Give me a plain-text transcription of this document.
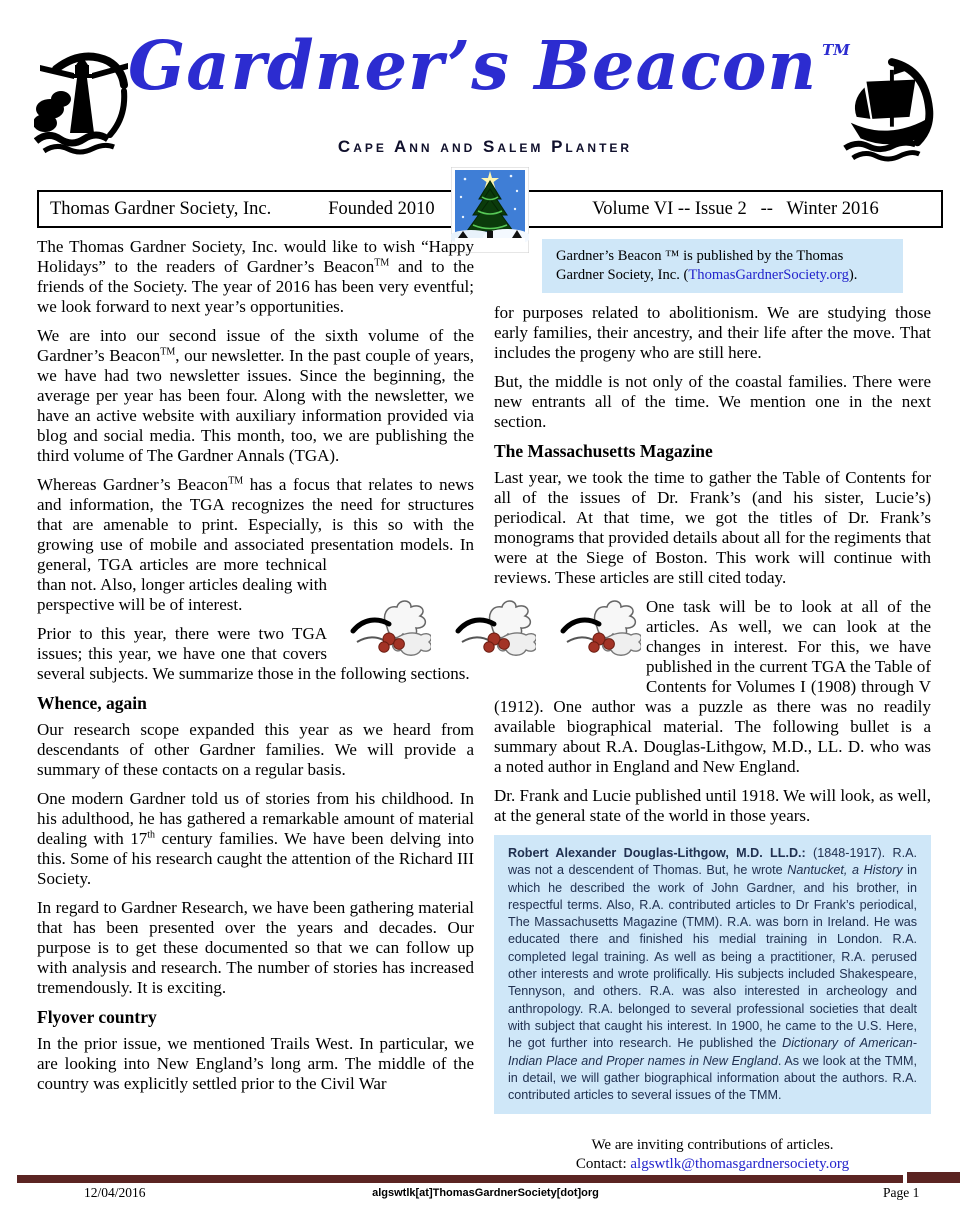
Gardner’s Beacon TM
Cape Ann and Salem Planter
Thomas Gardner Society, Inc.	Founded 2010	Volume VI -- Issue 2   --   Winter 2016

The Thomas Gardner Society, Inc. would like to wish “Happy Holidays” to the readers of Gardner’s Beacon™ and to the friends of the Society. The year of 2016 has been very eventful; we look forward to next year’s opportunities.

We are into our second issue of the sixth volume of the Gardner’s Beacon™, our newsletter. In the past couple of years, we have had two newsletter issues. Since the beginning, the average per year has been four. Along with the newsletter, we have an active website with auxiliary information provided via blog and social media. This month, too, we are publishing the third volume of The Gardner Annals (TGA).

Whereas Gardner’s Beacon™ has a focus that relates to news and information, the TGA recognizes the need for structures that are amenable to print. Especially, is this so with the growing use of mobile and associated presentation
models. In general, TGA articles are more technical than not. Also, longer articles dealing with perspective will be of interest.

Prior to this year, there were two TGA issues; this year, we have one that covers several subjects. We summarize those in the following sections.

Whence, again

Our research scope expanded this year as we heard from descendants of other Gardner families. We will provide a summary of these contacts on a regular basis.

One modern Gardner told us of stories from his childhood. In his adulthood, he has gathered a remarkable amount of material dealing with 17th century families. We have been delving into this. Some of his research caught the attention of the Richard III Society.

In regard to Gardner Research, we have been gathering material that has been presented over the years and decades. Our purpose is to get these documented so that we can follow up with analysis and research. The number of stories has increased tremendously. It is exciting.

Flyover country

In the prior issue, we mentioned Trails West. In particular, we are looking into New England’s long arm. The middle of the country was explicitly settled prior to the Civil War

Gardner’s Beacon ™ is published by the Thomas Gardner Society, Inc. (ThomasGardnerSociety.org).

for purposes related to abolitionism. We are studying those early families, their ancestry, and their life after the move. That includes the progeny who are still here.

But, the middle is not only of the coastal families. There were new entrants all of the time. We mention one in the next section.

The Massachusetts Magazine

Last year, we took the time to gather the Table of Contents for all of the issues of Dr. Frank’s (and his sister, Lucie’s) periodical. At that time, we got the titles of Dr. Frank’s monograms that provided details about all for the regiments that were at the Siege of Boston. This work will continue with reviews. These articles are still cited today.

One task will be to look at all of the articles. As well, we can look at the changes in interest. For this, we have published in the current TGA the Table of Contents for Volumes I (1908) through V (1912). One author was a puzzle as there was no readily available biographical material. The following bullet is a summary about R.A. Douglas-Lithgow, M.D., LL. D. who was a noted author in England and New England.

Dr. Frank and Lucie published until 1918. We will look, as well, at the general state of the world in those years.

Robert Alexander Douglas-Lithgow, M.D. LL.D.: (1848-1917). R.A. was not a descendent of Thomas. But, he wrote Nantucket, a History in which he described the work of John Gardner, and his brother, in respectful terms. Also, R.A. contributed articles to Dr Frank’s periodical, The Massachusetts Magazine (TMM). R.A. was born in Ireland. He was educated there and finished his medial training in London. R.A. completed legal training. As well as being a practitioner, R.A. perused other interests and wrote prolifically. His subjects included Shakespeare, Tennyson, and others. R.A. was also interested in archeology and anthropology. R.A. belonged to several professional societies that dealt with subject that caught his interest. In 1900, he came to the U.S. Here, he got further into research. He published the Dictionary of American-Indian Place and Proper names in New England. As we look at the TMM, in detail, we will gather biographical information about the authors. R.A. contributed articles to several issues of the TMM.
We are inviting contributions of articles.
Contact: algswtlk@thomasgardnersociety.org
12/04/2016	algswtlk[at]ThomasGardnerSociety[dot]org	Page 1
